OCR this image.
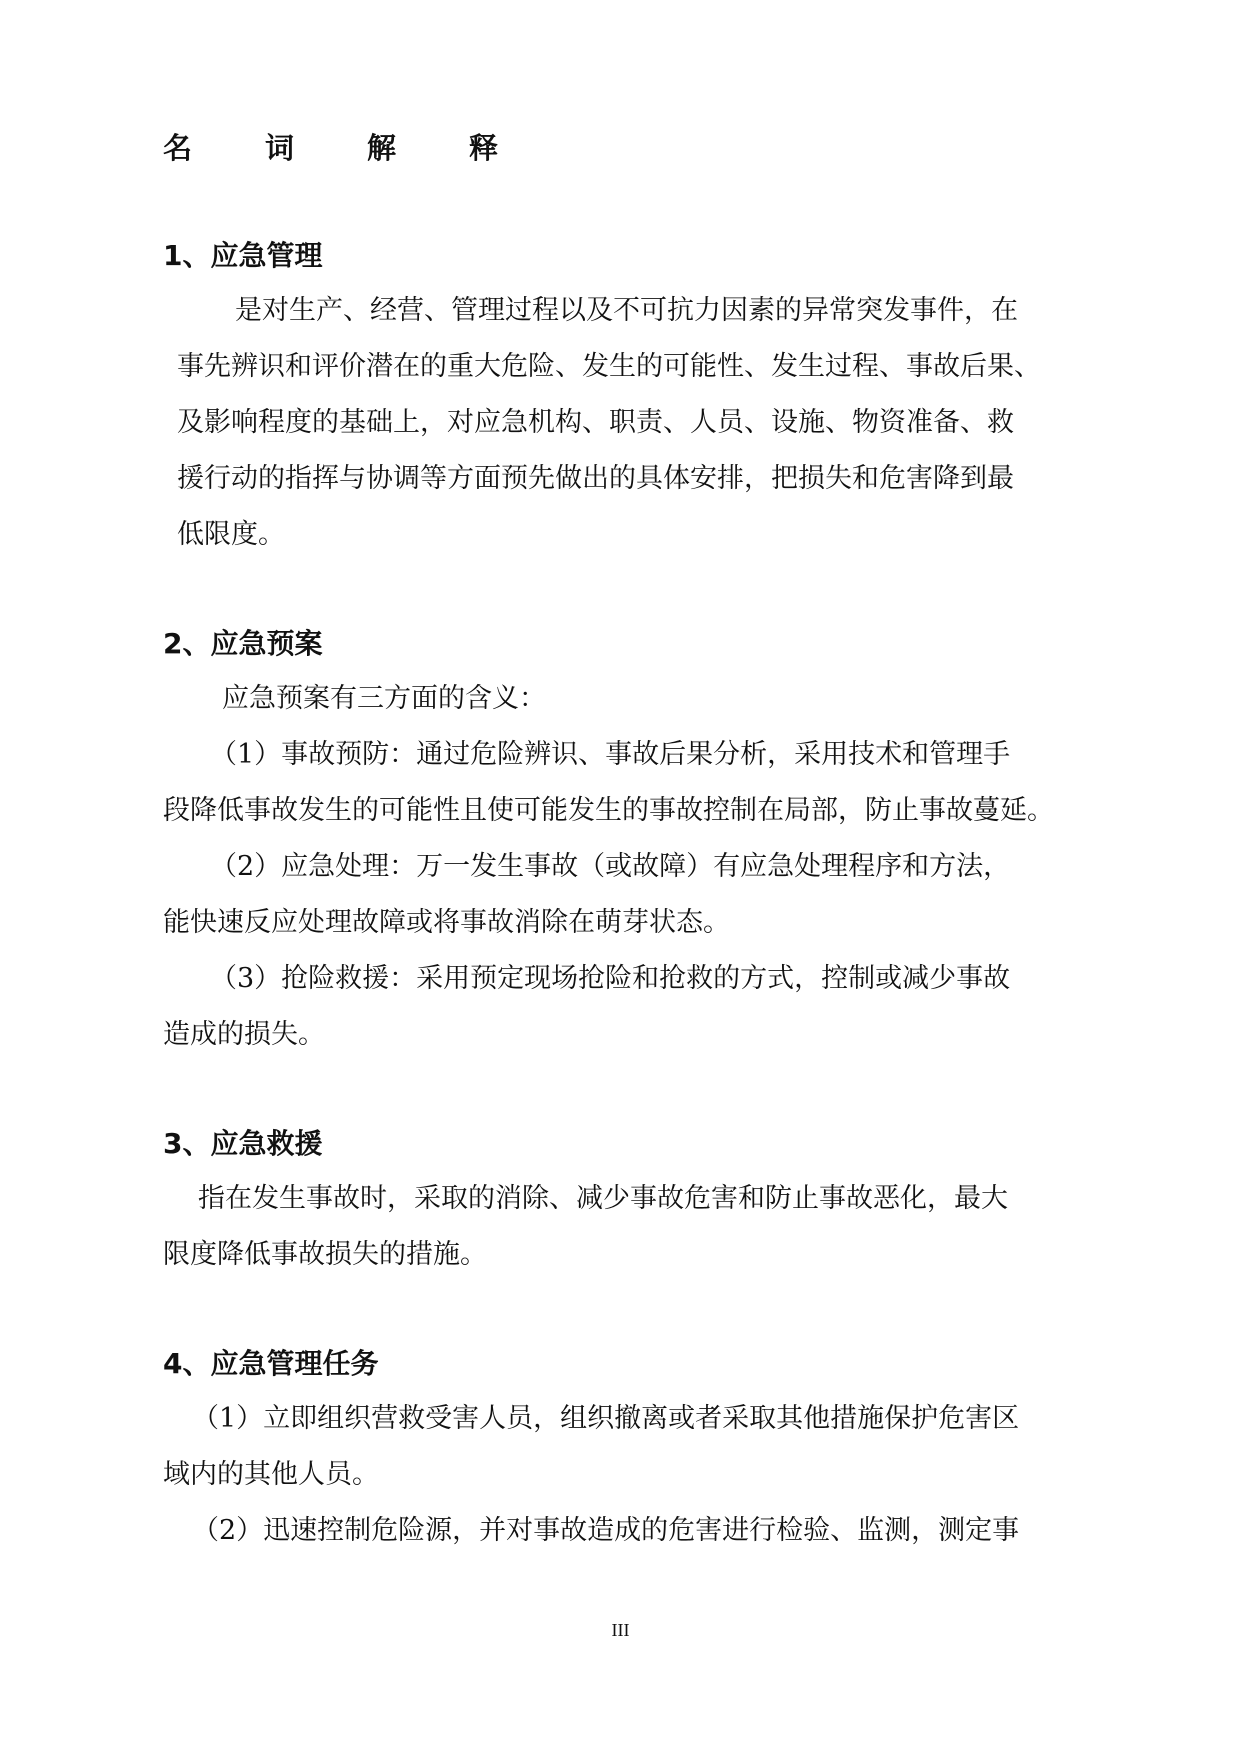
名　词　解　释
1、应急管理
是对生产、经营、管理过程以及不可抗力因素的异常突发事件，在
事先辨识和评价潜在的重大危险、发生的可能性、发生过程、事故后果、
及影响程度的基础上，对应急机构、职责、人员、设施、物资准备、救
援行动的指挥与协调等方面预先做出的具体安排，把损失和危害降到最
低限度。
2、应急预案
应急预案有三方面的含义：
（1）事故预防：通过危险辨识、事故后果分析，采用技术和管理手
段降低事故发生的可能性且使可能发生的事故控制在局部，防止事故蔓延。
（2）应急处理：万一发生事故（或故障）有应急处理程序和方法，
能快速反应处理故障或将事故消除在萌芽状态。
（3）抢险救援：采用预定现场抢险和抢救的方式，控制或减少事故
造成的损失。
3、应急救援
指在发生事故时，采取的消除、减少事故危害和防止事故恶化，最大
限度降低事故损失的措施。
4、应急管理任务
（1）立即组织营救受害人员，组织撤离或者采取其他措施保护危害区
域内的其他人员。
（2）迅速控制危险源，并对事故造成的危害进行检验、监测，测定事
III
